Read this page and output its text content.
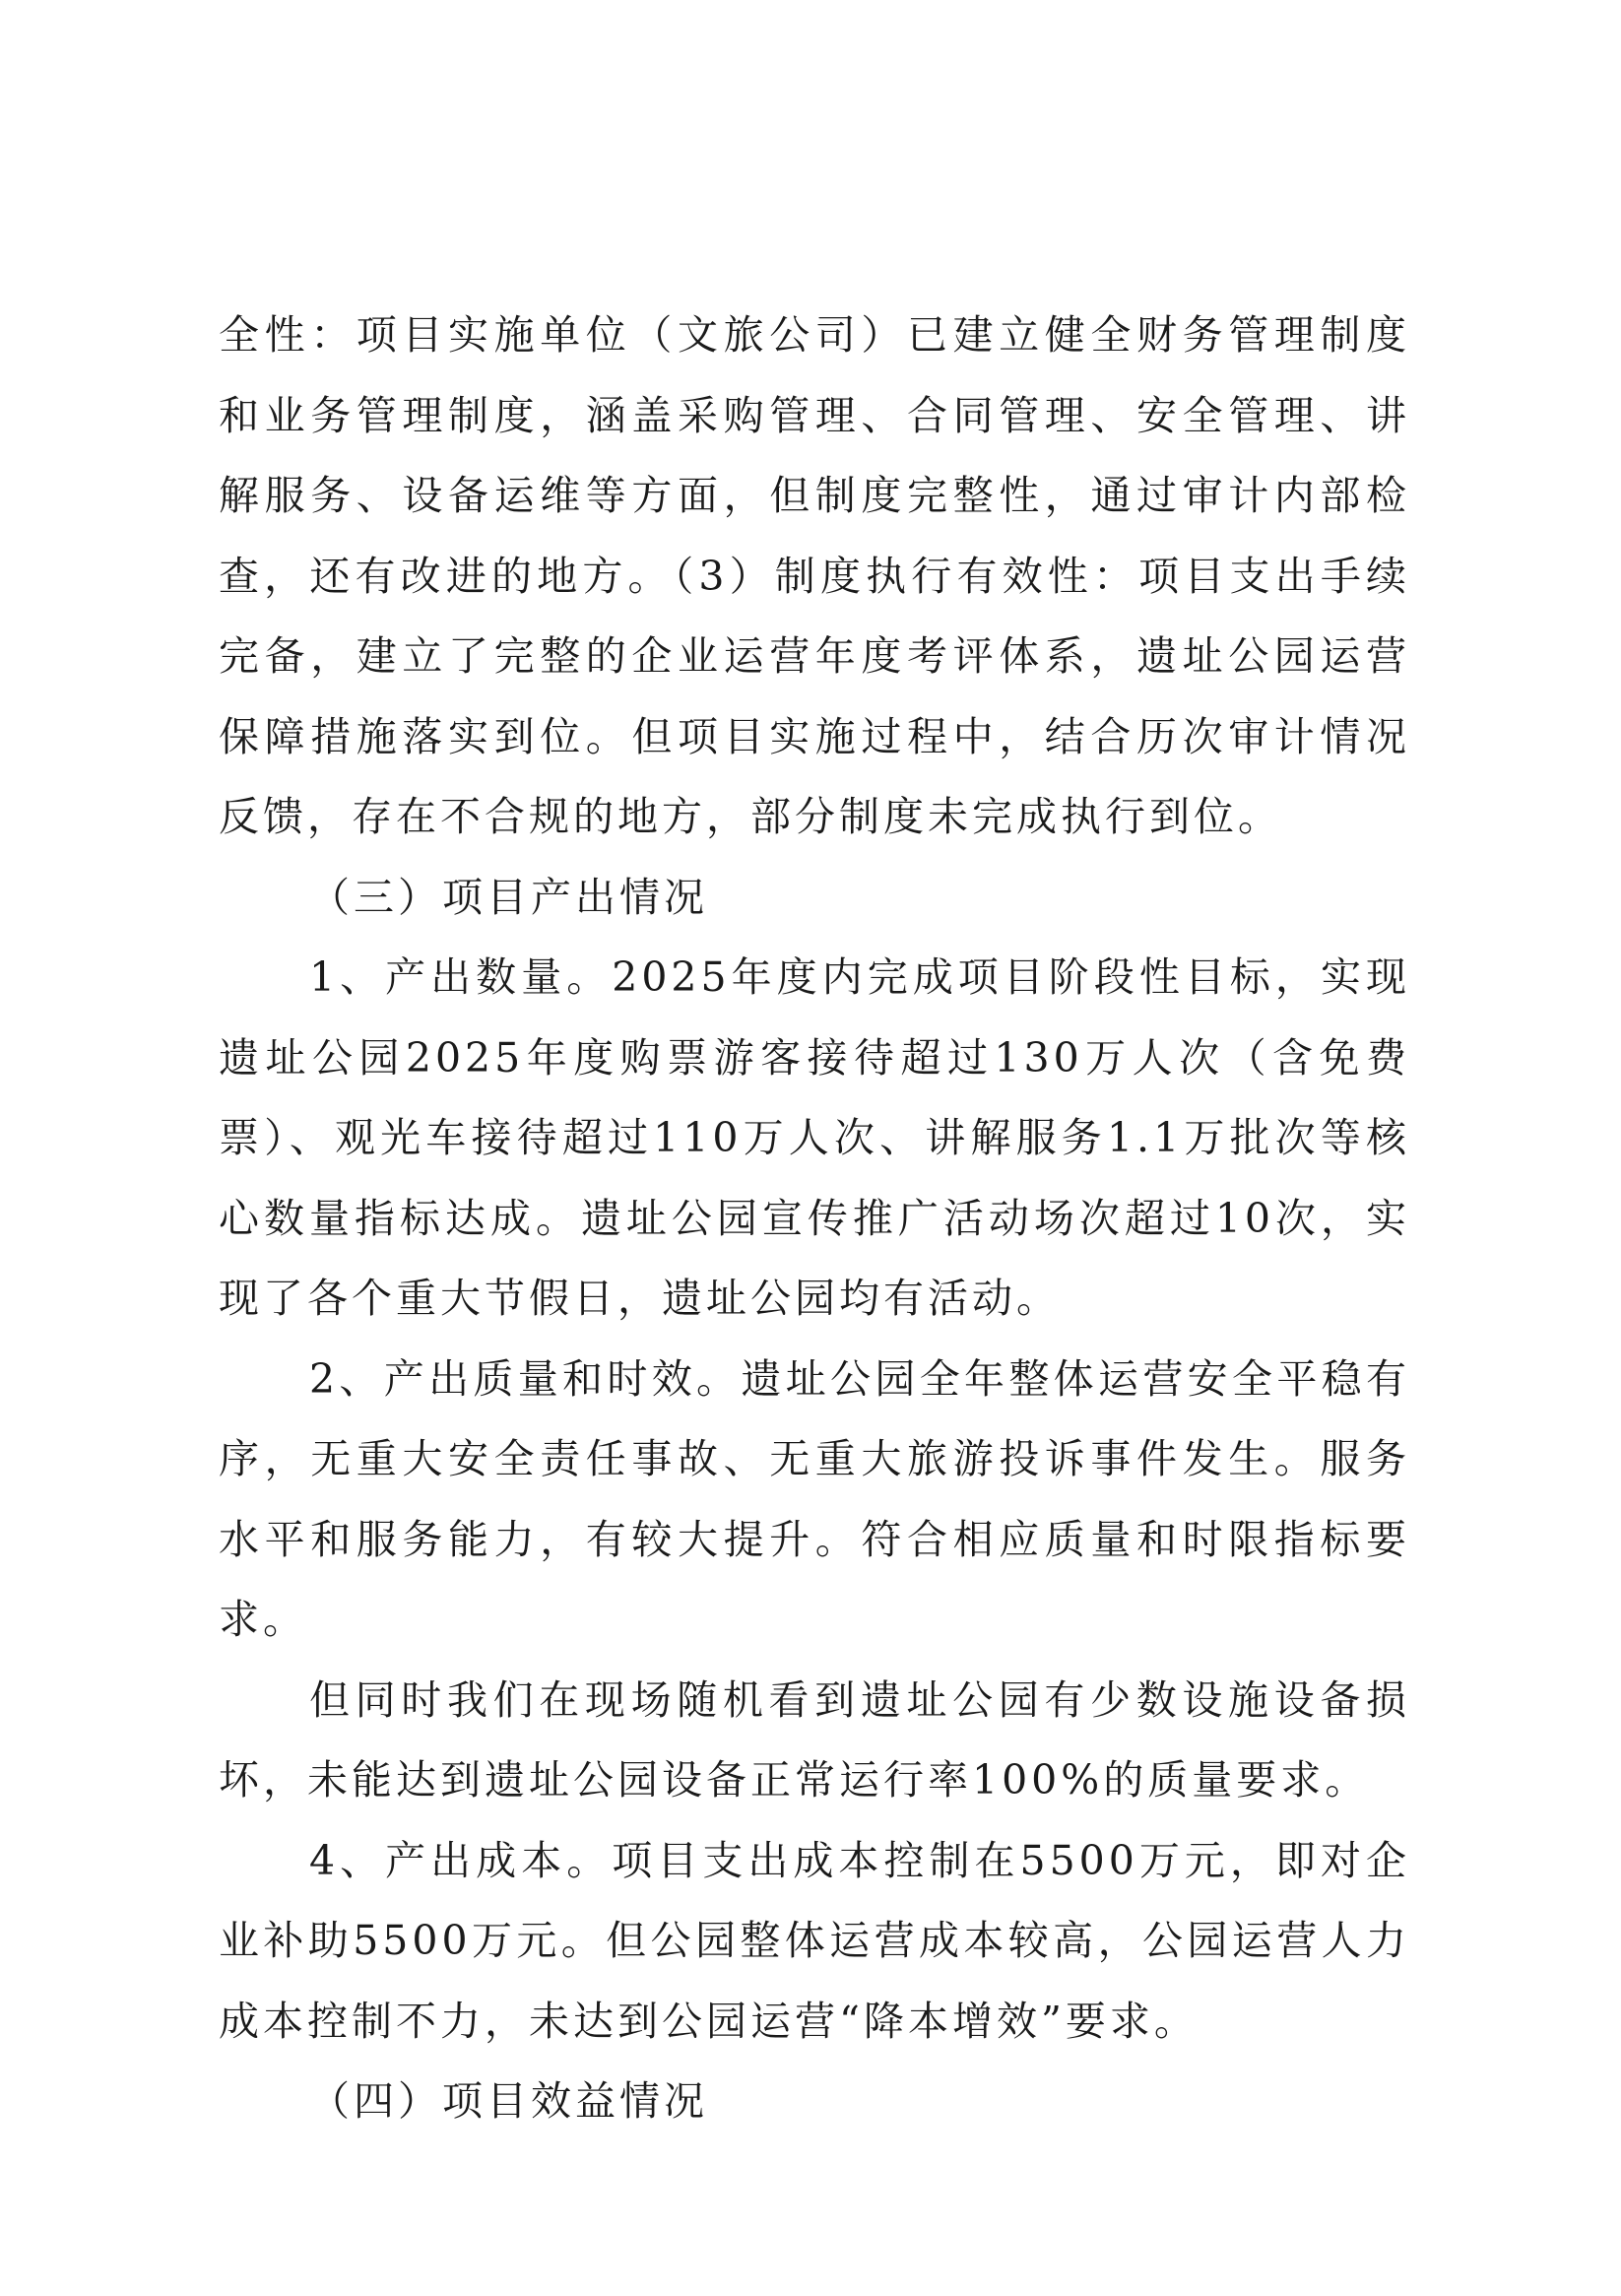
全性：项目实施单位（文旅公司）已建立健全财务管理制度和业务管理制度，涵盖采购管理、合同管理、安全管理、讲解服务、设备运维等方面，但制度完整性，通过审计内部检查，还有改进的地方。（3）制度执行有效性：项目支出手续完备，建立了完整的企业运营年度考评体系，遗址公园运营保障措施落实到位。但项目实施过程中，结合历次审计情况反馈，存在不合规的地方，部分制度未完成执行到位。

（三）项目产出情况

1、产出数量。2025年度内完成项目阶段性目标，实现遗址公园2025年度购票游客接待超过130万人次（含免费票）、观光车接待超过110万人次、讲解服务1.1万批次等核心数量指标达成。遗址公园宣传推广活动场次超过10次，实现了各个重大节假日，遗址公园均有活动。

2、产出质量和时效。遗址公园全年整体运营安全平稳有序，无重大安全责任事故、无重大旅游投诉事件发生。服务水平和服务能力，有较大提升。符合相应质量和时限指标要求。

但同时我们在现场随机看到遗址公园有少数设施设备损坏，未能达到遗址公园设备正常运行率100%的质量要求。

4、产出成本。项目支出成本控制在5500万元，即对企业补助5500万元。但公园整体运营成本较高，公园运营人力成本控制不力，未达到公园运营“降本增效”要求。

（四）项目效益情况
